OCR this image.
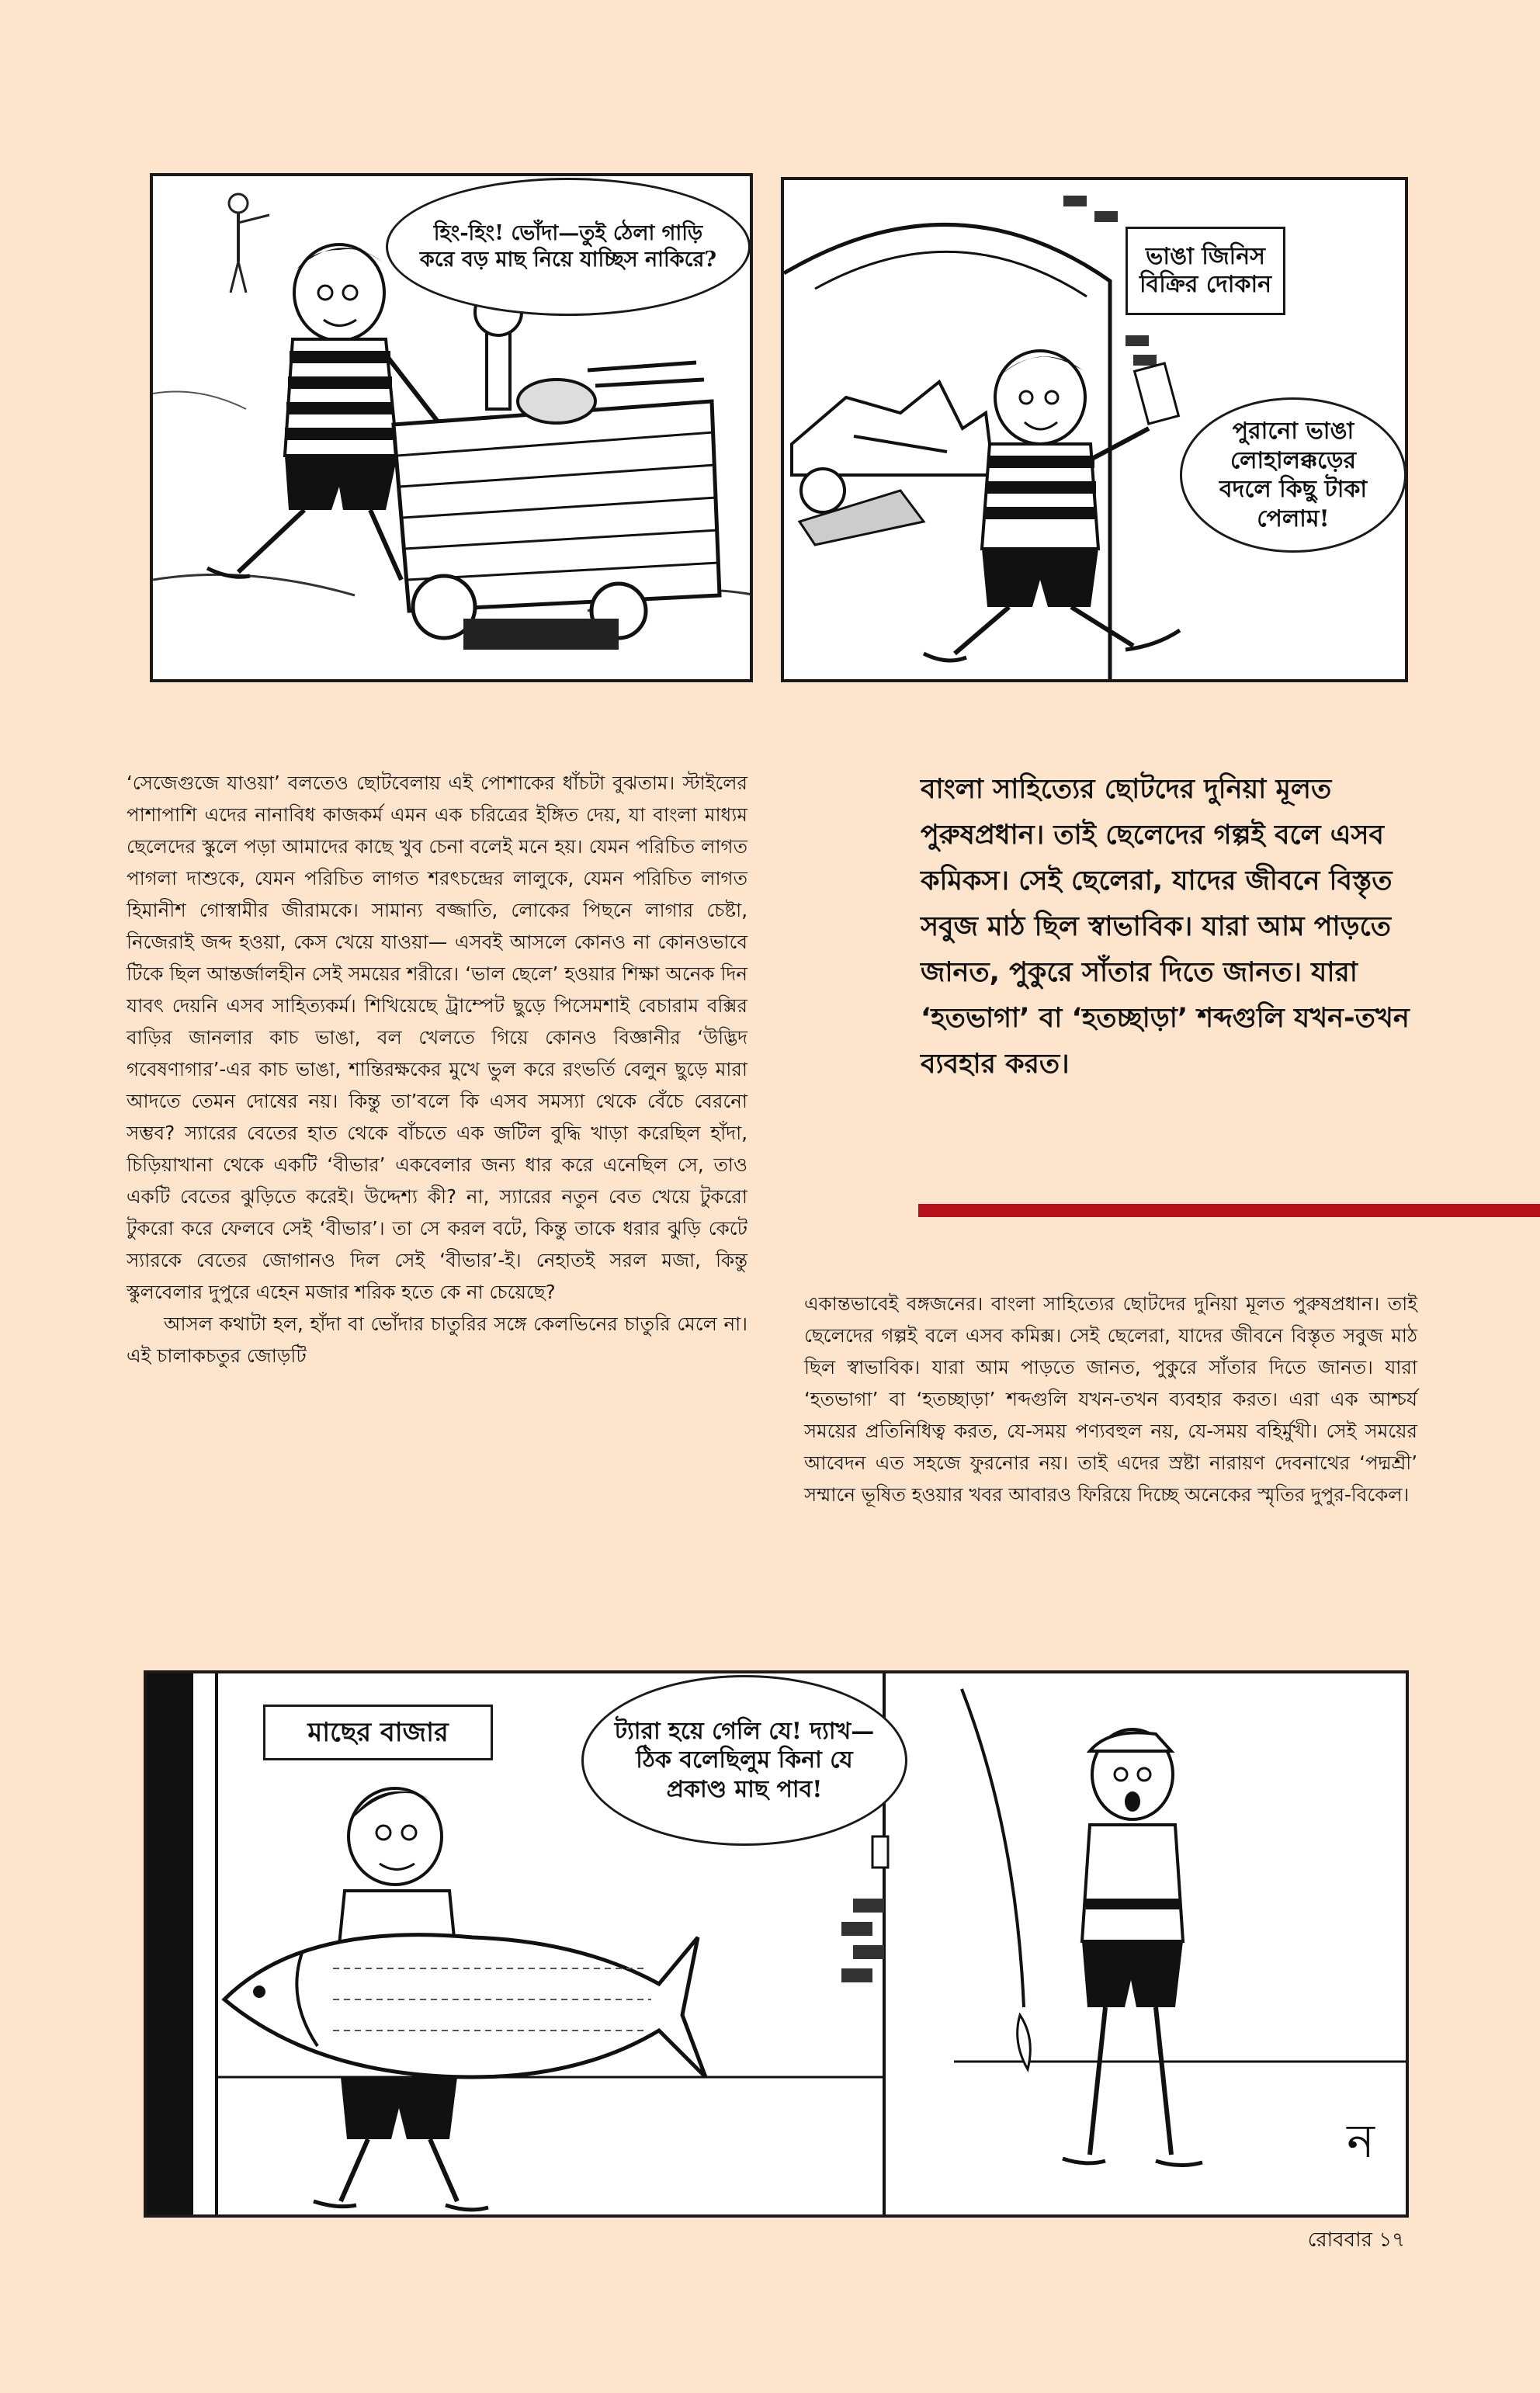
হিং-হিং! ভোঁদা—তুই ঠেলা গাড়ি করে বড় মাছ নিয়ে যাচ্ছিস নাকিরে?	ভাঙা জিনিস বিক্রির দোকান
পুরানো ভাঙা লোহালক্কড়ের বদলে কিছু টাকা পেলাম!

‘সেজেগুজে যাওয়া’ বলতেও ছোটবেলায় এই পোশাকের ধাঁচটা বুঝতাম। স্টাইলের পাশাপাশি এদের নানাবিধ কাজকর্ম এমন এক চরিত্রের ইঙ্গিত দেয়, যা বাংলা মাধ্যম ছেলেদের স্কুলে পড়া আমাদের কাছে খুব চেনা বলেই মনে হয়। যেমন পরিচিত লাগত পাগলা দাশুকে, যেমন পরিচিত লাগত শরৎচন্দ্রের লালুকে, যেমন পরিচিত লাগত হিমানীশ গোস্বামীর জীরামকে। সামান্য বজ্জাতি, লোকের পিছনে লাগার চেষ্টা, নিজেরাই জব্দ হওয়া, কেস খেয়ে যাওয়া— এসবই আসলে কোনও না কোনওভাবে টিকে ছিল আন্তর্জালহীন সেই সময়ের শরীরে। ‘ভাল ছেলে’ হওয়ার শিক্ষা অনেক দিন যাবৎ দেয়নি এসব সাহিত্যকর্ম। শিখিয়েছে ট্রাম্পেট ছুড়ে পিসেমশাই বেচারাম বক্সির বাড়ির জানলার কাচ ভাঙা, বল খেলতে গিয়ে কোনও বিজ্ঞানীর ‘উদ্ভিদ গবেষণাগার’-এর কাচ ভাঙা, শান্তিরক্ষকের মুখে ভুল করে রংভর্তি বেলুন ছুড়ে মারা আদতে তেমন দোষের নয়। কিন্তু তা’বলে কি এসব সমস্যা থেকে বেঁচে বেরনো সম্ভব? স্যারের বেতের হাত থেকে বাঁচতে এক জটিল বুদ্ধি খাড়া করেছিল হাঁদা, চিড়িয়াখানা থেকে একটি ‘বীভার’ একবেলার জন্য ধার করে এনেছিল সে, তাও একটি বেতের ঝুড়িতে করেই। উদ্দেশ্য কী? না, স্যারের নতুন বেত খেয়ে টুকরো টুকরো করে ফেলবে সেই ‘বীভার’। তা সে করল বটে, কিন্তু তাকে ধরার ঝুড়ি কেটে স্যারকে বেতের জোগানও দিল সেই ‘বীভার’-ই। নেহাতই সরল মজা, কিন্তু স্কুলবেলার দুপুরে এহেন মজার শরিক হতে কে না চেয়েছে?

আসল কথাটা হল, হাঁদা বা ভোঁদার চাতুরির সঙ্গে কেলভিনের চাতুরি মেলে না। এই চালাকচতুর জোড়টি

বাংলা সাহিত্যের ছোটদের দুনিয়া মূলত পুরুষপ্রধান। তাই ছেলেদের গল্পই বলে এসব কমিকস। সেই ছেলেরা, যাদের জীবনে বিস্তৃত সবুজ মাঠ ছিল স্বাভাবিক। যারা আম পাড়তে জানত, পুকুরে সাঁতার দিতে জানত। যারা ‘হতভাগা’ বা ‘হতচ্ছাড়া’ শব্দগুলি যখন-তখন ব্যবহার করত।

একান্তভাবেই বঙ্গজনের। বাংলা সাহিত্যের ছোটদের দুনিয়া মূলত পুরুষপ্রধান। তাই ছেলেদের গল্পই বলে এসব কমিক্স। সেই ছেলেরা, যাদের জীবনে বিস্তৃত সবুজ মাঠ ছিল স্বাভাবিক। যারা আম পাড়তে জানত, পুকুরে সাঁতার দিতে জানত। যারা ‘হতভাগা’ বা ‘হতচ্ছাড়া’ শব্দগুলি যখন-তখন ব্যবহার করত। এরা এক আশ্চর্য সময়ের প্রতিনিধিত্ব করত, যে-সময় পণ্যবহুল নয়, যে-সময় বহির্মুখী। সেই সময়ের আবেদন এত সহজে ফুরনোর নয়। তাই এদের স্রষ্টা নারায়ণ দেবনাথের ‘পদ্মশ্রী’ সম্মানে ভূষিত হওয়ার খবর আবারও ফিরিয়ে দিচ্ছে অনেকের স্মৃতির দুপুর-বিকেল।

মাছের বাজার	ট্যারা হয়ে গেলি যে! দ্যাখ—ঠিক বলেছিলুম কিনা যে প্রকাণ্ড মাছ পাব!
ন
রোববার ১৭
